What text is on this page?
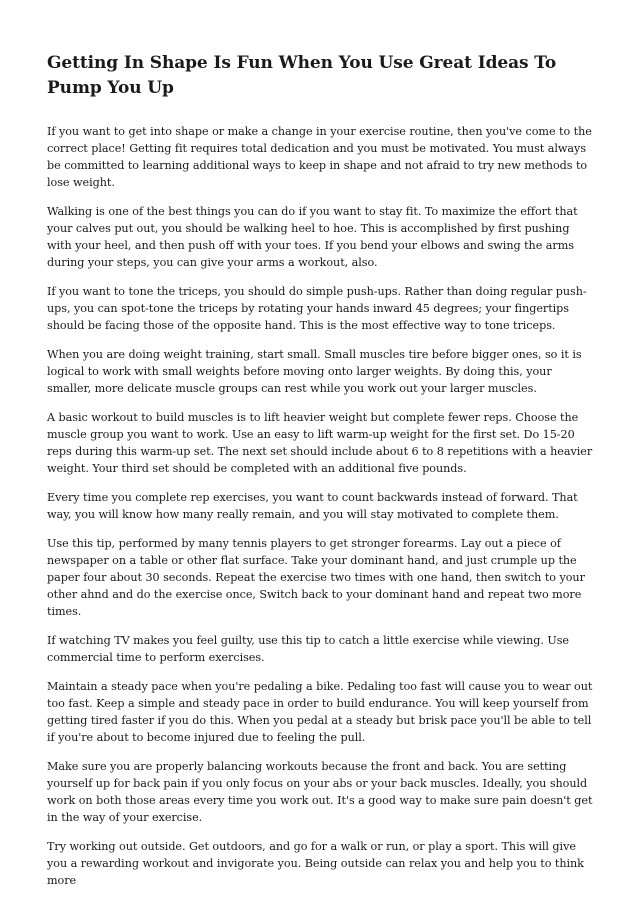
Getting In Shape Is Fun When You Use Great Ideas To Pump You Up

If you want to get into shape or make a change in your exercise routine, then you've come to the correct place! Getting fit requires total dedication and you must be motivated. You must always be committed to learning additional ways to keep in shape and not afraid to try new methods to lose weight.

Walking is one of the best things you can do if you want to stay fit. To maximize the effort that your calves put out, you should be walking heel to hoe. This is accomplished by first pushing with your heel, and then push off with your toes. If you bend your elbows and swing the arms during your steps, you can give your arms a workout, also.

If you want to tone the triceps, you should do simple push-ups. Rather than doing regular push-ups, you can spot-tone the triceps by rotating your hands inward 45 degrees; your fingertips should be facing those of the opposite hand. This is the most effective way to tone triceps.

When you are doing weight training, start small. Small muscles tire before bigger ones, so it is logical to work with small weights before moving onto larger weights. By doing this, your smaller, more delicate muscle groups can rest while you work out your larger muscles.

A basic workout to build muscles is to lift heavier weight but complete fewer reps. Choose the muscle group you want to work. Use an easy to lift warm-up weight for the first set. Do 15-20 reps during this warm-up set. The next set should include about 6 to 8 repetitions with a heavier weight. Your third set should be completed with an additional five pounds.

Every time you complete rep exercises, you want to count backwards instead of forward. That way, you will know how many really remain, and you will stay motivated to complete them.

Use this tip, performed by many tennis players to get stronger forearms. Lay out a piece of newspaper on a table or other flat surface. Take your dominant hand, and just crumple up the paper four about 30 seconds. Repeat the exercise two times with one hand, then switch to your other ahnd and do the exercise once, Switch back to your dominant hand and repeat two more times.

If watching TV makes you feel guilty, use this tip to catch a little exercise while viewing. Use commercial time to perform exercises.

Maintain a steady pace when you're pedaling a bike. Pedaling too fast will cause you to wear out too fast. Keep a simple and steady pace in order to build endurance. You will keep yourself from getting tired faster if you do this. When you pedal at a steady but brisk pace you'll be able to tell if you're about to become injured due to feeling the pull.

Make sure you are properly balancing workouts because the front and back. You are setting yourself up for back pain if you only focus on your abs or your back muscles. Ideally, you should work on both those areas every time you work out. It's a good way to make sure pain doesn't get in the way of your exercise.

Try working out outside. Get outdoors, and go for a walk or run, or play a sport. This will give you a rewarding workout and invigorate you. Being outside can relax you and help you to think more
